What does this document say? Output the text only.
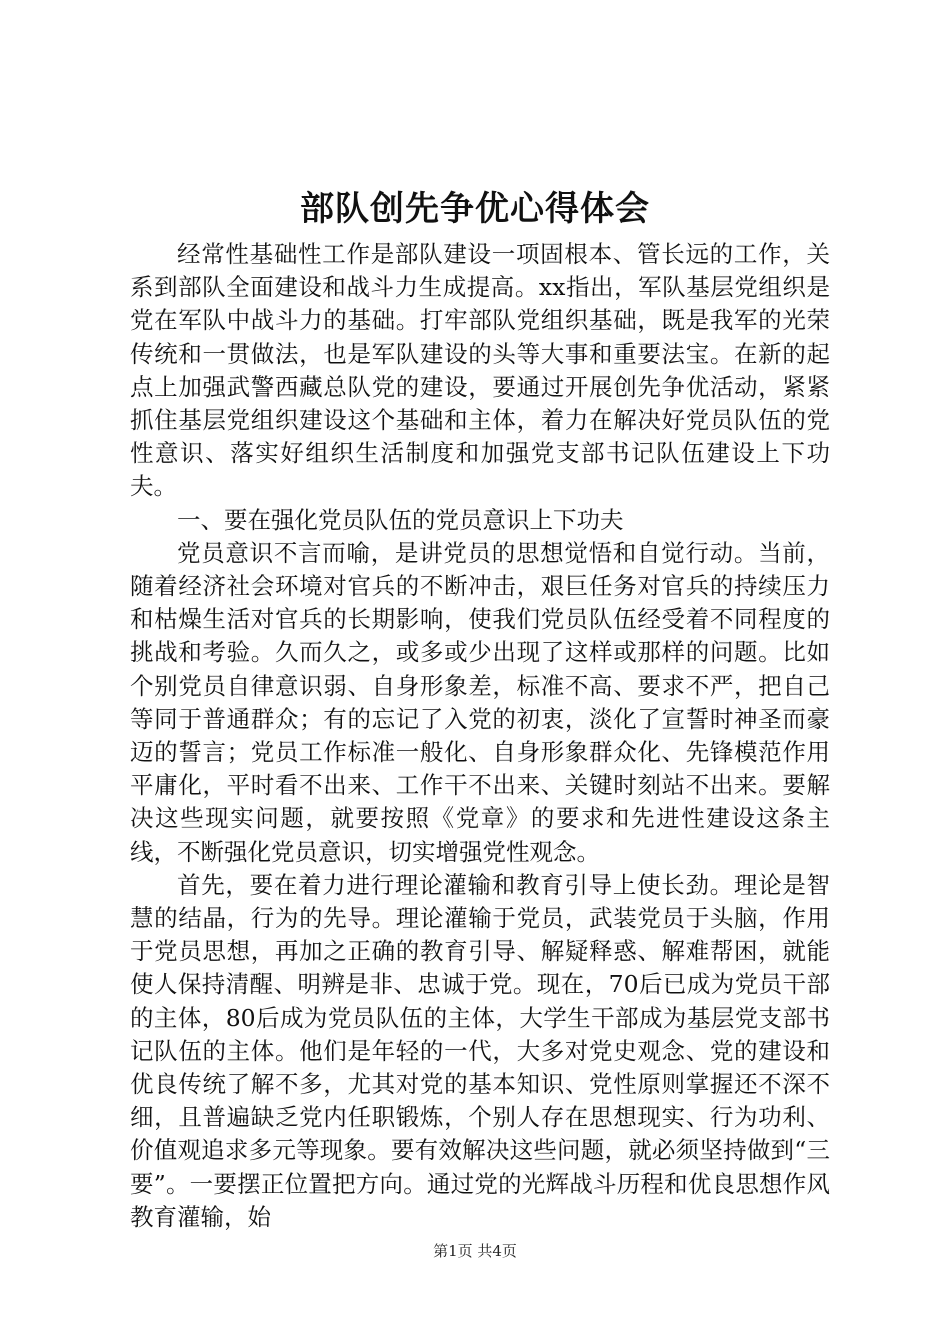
部队创先争优心得体会

经常性基础性工作是部队建设一项固根本、管长远的工作，关系到部队全面建设和战斗力生成提高。xx指出，军队基层党组织是党在军队中战斗力的基础。打牢部队党组织基础，既是我军的光荣传统和一贯做法，也是军队建设的头等大事和重要法宝。在新的起点上加强武警西藏总队党的建设，要通过开展创先争优活动，紧紧抓住基层党组织建设这个基础和主体，着力在解决好党员队伍的党性意识、落实好组织生活制度和加强党支部书记队伍建设上下功夫。

一、要在强化党员队伍的党员意识上下功夫

党员意识不言而喻，是讲党员的思想觉悟和自觉行动。当前，随着经济社会环境对官兵的不断冲击，艰巨任务对官兵的持续压力和枯燥生活对官兵的长期影响，使我们党员队伍经受着不同程度的挑战和考验。久而久之，或多或少出现了这样或那样的问题。比如个别党员自律意识弱、自身形象差，标准不高、要求不严，把自己等同于普通群众；有的忘记了入党的初衷，淡化了宣誓时神圣而豪迈的誓言；党员工作标准一般化、自身形象群众化、先锋模范作用平庸化，平时看不出来、工作干不出来、关键时刻站不出来。要解决这些现实问题，就要按照《党章》的要求和先进性建设这条主线，不断强化党员意识，切实增强党性观念。

首先，要在着力进行理论灌输和教育引导上使长劲。理论是智慧的结晶，行为的先导。理论灌输于党员，武装党员于头脑，作用于党员思想，再加之正确的教育引导、解疑释惑、解难帮困，就能使人保持清醒、明辨是非、忠诚于党。现在，70后已成为党员干部的主体，80后成为党员队伍的主体，大学生干部成为基层党支部书记队伍的主体。他们是年轻的一代，大多对党史观念、党的建设和优良传统了解不多，尤其对党的基本知识、党性原则掌握还不深不细，且普遍缺乏党内任职锻炼，个别人存在思想现实、行为功利、价值观追求多元等现象。要有效解决这些问题，就必须坚持做到“三要”。一要摆正位置把方向。通过党的光辉战斗历程和优良思想作风教育灌输，始

第1页 共4页
